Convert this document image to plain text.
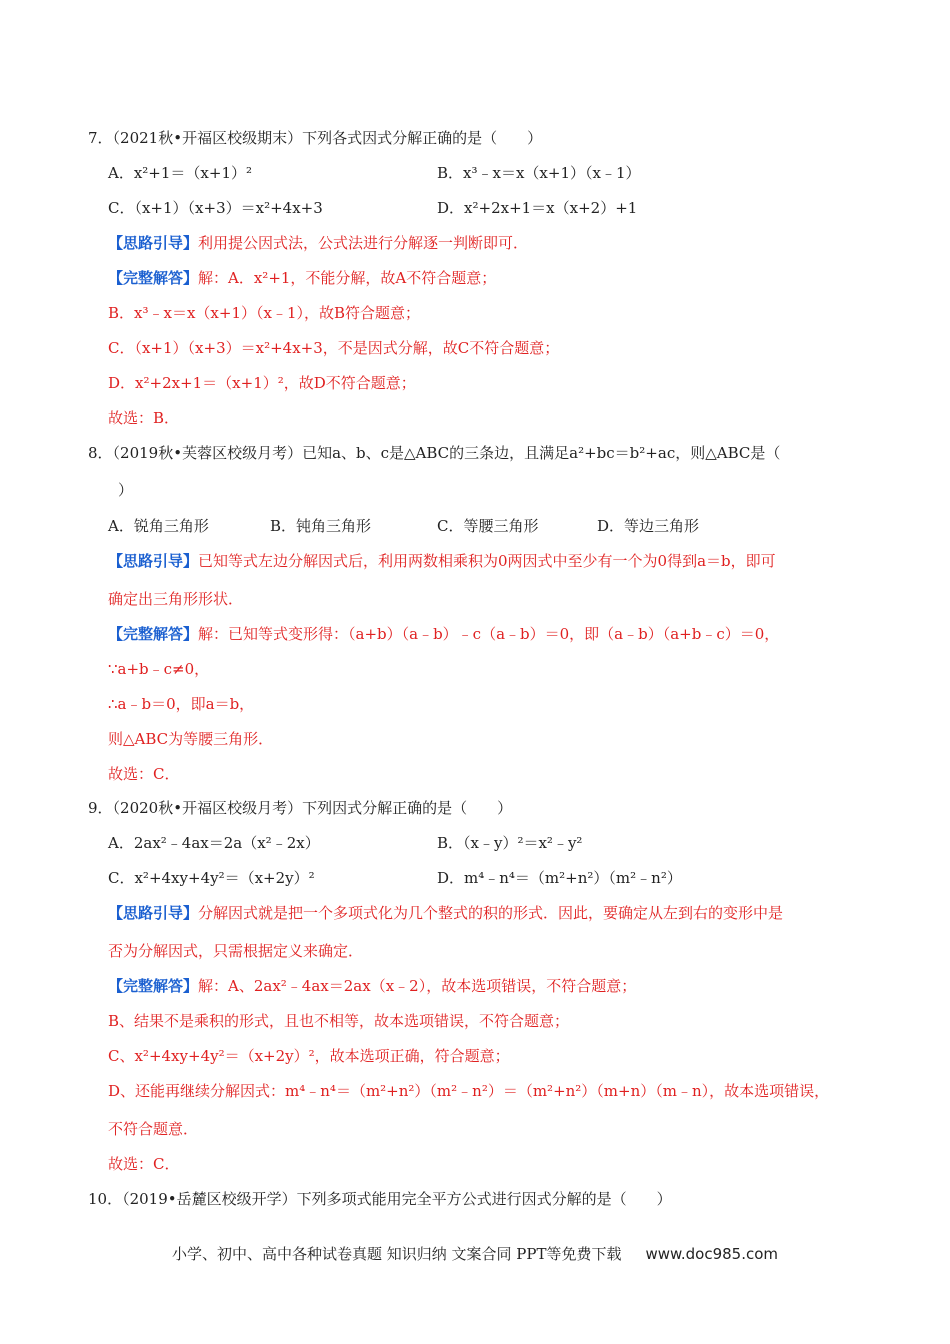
7．（2021秋•开福区校级期末）下列各式因式分解正确的是（　　）
A．x²+1＝（x+1）²	B．x³﹣x＝x（x+1）（x﹣1）
C．（x+1）（x+3）＝x²+4x+3	D．x²+2x+1＝x（x+2）+1
【思路引导】利用提公因式法，公式法进行分解逐一判断即可．
【完整解答】解：A．x²+1，不能分解，故A不符合题意；
B．x³﹣x＝x（x+1）（x﹣1），故B符合题意；
C．（x+1）（x+3）＝x²+4x+3，不是因式分解，故C不符合题意；
D．x²+2x+1＝（x+1）²，故D不符合题意；
故选：B．
8．（2019秋•芙蓉区校级月考）已知a、b、c是△ABC的三条边，且满足a²+bc＝b²+ac，则△ABC是（
）
A．锐角三角形	B．钝角三角形	C．等腰三角形	D．等边三角形
【思路引导】已知等式左边分解因式后，利用两数相乘积为0两因式中至少有一个为0得到a＝b，即可
确定出三角形形状．
【完整解答】解：已知等式变形得：（a+b）（a﹣b）﹣c（a﹣b）＝0，即（a﹣b）（a+b﹣c）＝0，
∵a+b﹣c≠0，
∴a﹣b＝0，即a＝b，
则△ABC为等腰三角形．
故选：C．
9．（2020秋•开福区校级月考）下列因式分解正确的是（　　）
A．2ax²﹣4ax＝2a（x²﹣2x）	B．（x﹣y）²＝x²﹣y²
C．x²+4xy+4y²＝（x+2y）²	D．m⁴﹣n⁴＝（m²+n²）（m²﹣n²）
【思路引导】分解因式就是把一个多项式化为几个整式的积的形式．因此，要确定从左到右的变形中是
否为分解因式，只需根据定义来确定．
【完整解答】解：A、2ax²﹣4ax＝2ax（x﹣2），故本选项错误，不符合题意；
B、结果不是乘积的形式，且也不相等，故本选项错误，不符合题意；
C、x²+4xy+4y²＝（x+2y）²，故本选项正确，符合题意；
D、还能再继续分解因式：m⁴﹣n⁴＝（m²+n²）（m²﹣n²）＝（m²+n²）（m+n）（m﹣n），故本选项错误，
不符合题意．
故选：C．
10．（2019•岳麓区校级开学）下列多项式能用完全平方公式进行因式分解的是（　　）
小学、初中、高中各种试卷真题 知识归纳 文案合同 PPT等免费下载 www.doc985.com
